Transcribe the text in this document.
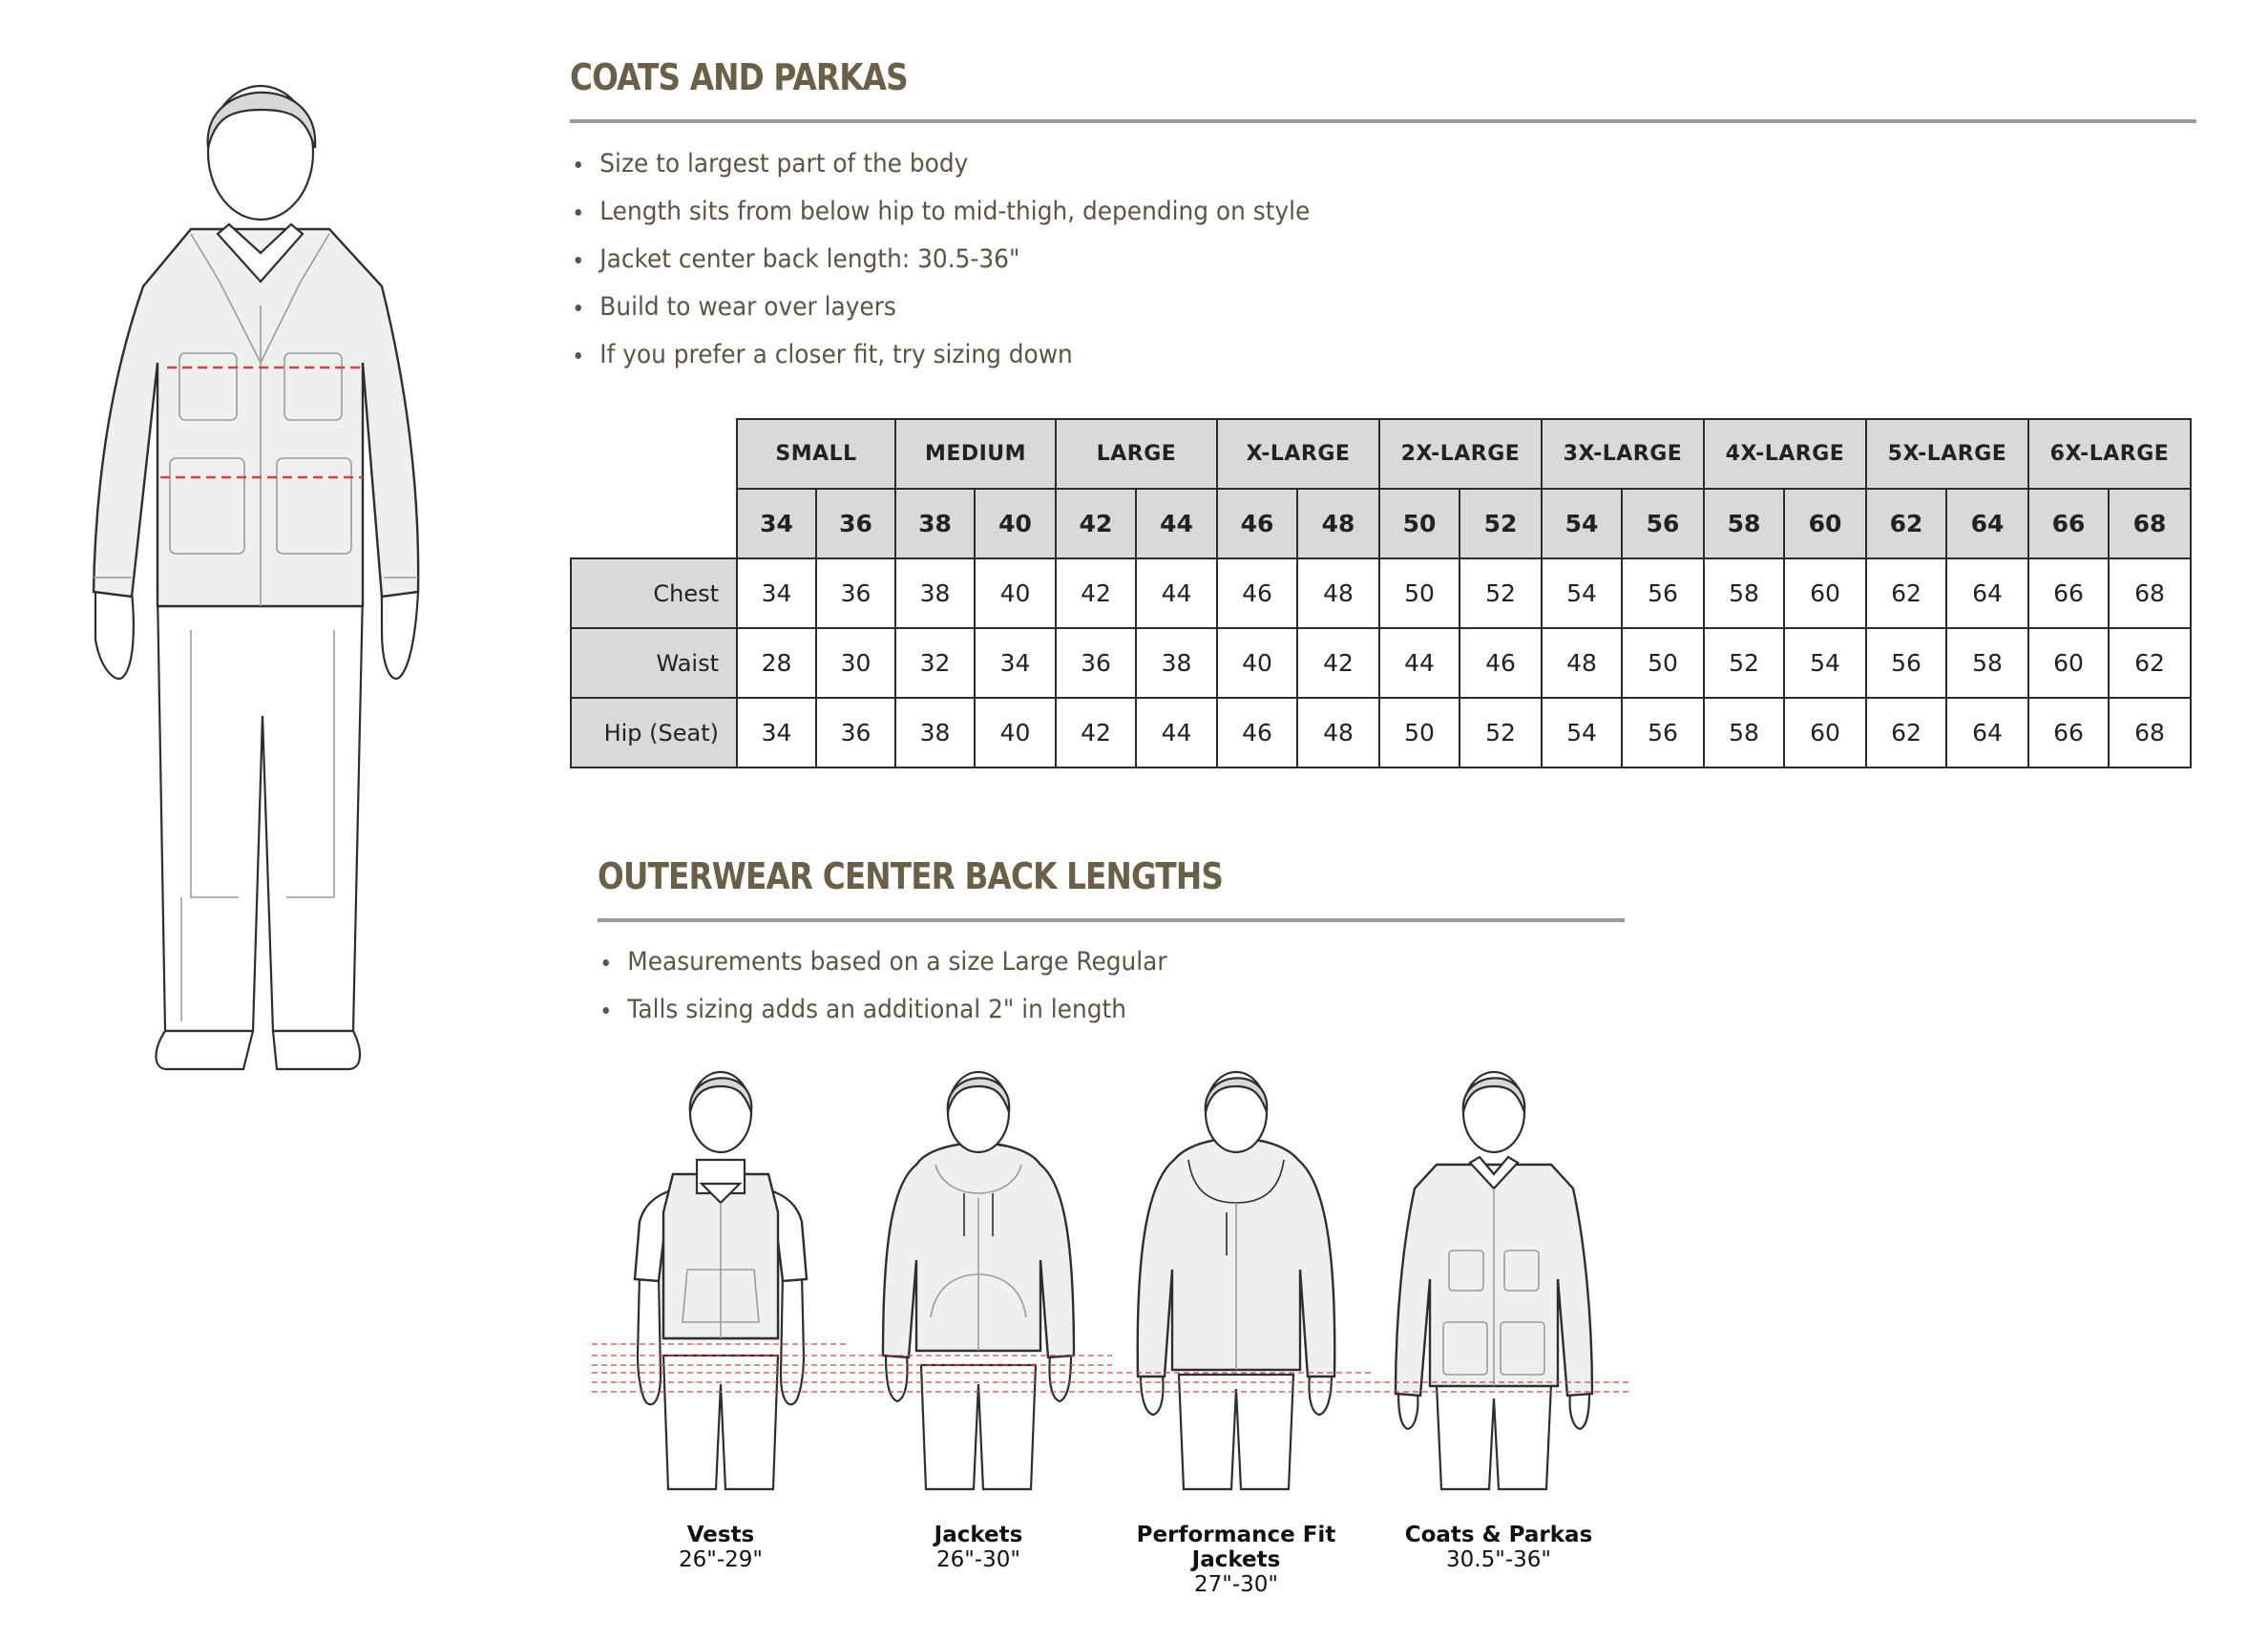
COATS AND PARKAS
Size to largest part of the body
Length sits from below hip to mid-thigh, depending on style
Jacket center back length: 30.5-36"
Build to wear over layers
If you prefer a closer fit, try sizing down
	SMALL		MEDIUM		LARGE		X-LARGE		2X-LARGE		3X-LARGE		4X-LARGE		5X-LARGE		6X-LARGE	
	34	36	38	40	42	44	46	48	50	52	54	56	58	60	62	64	66	68
Chest	34	36	38	40	42	44	46	48	50	52	54	56	58	60	62	64	66	68
Waist	28	30	32	34	36	38	40	42	44	46	48	50	52	54	56	58	60	62
Hip (Seat)	34	36	38	40	42	44	46	48	50	52	54	56	58	60	62	64	66	68
OUTERWEAR CENTER BACK LENGTHS
Measurements based on a size Large Regular
Talls sizing adds an additional 2" in length
Vests
26"-29"
Jackets
26"-30"
Performance Fit Jackets
27"-30"
Coats & Parkas
30.5"-36"
